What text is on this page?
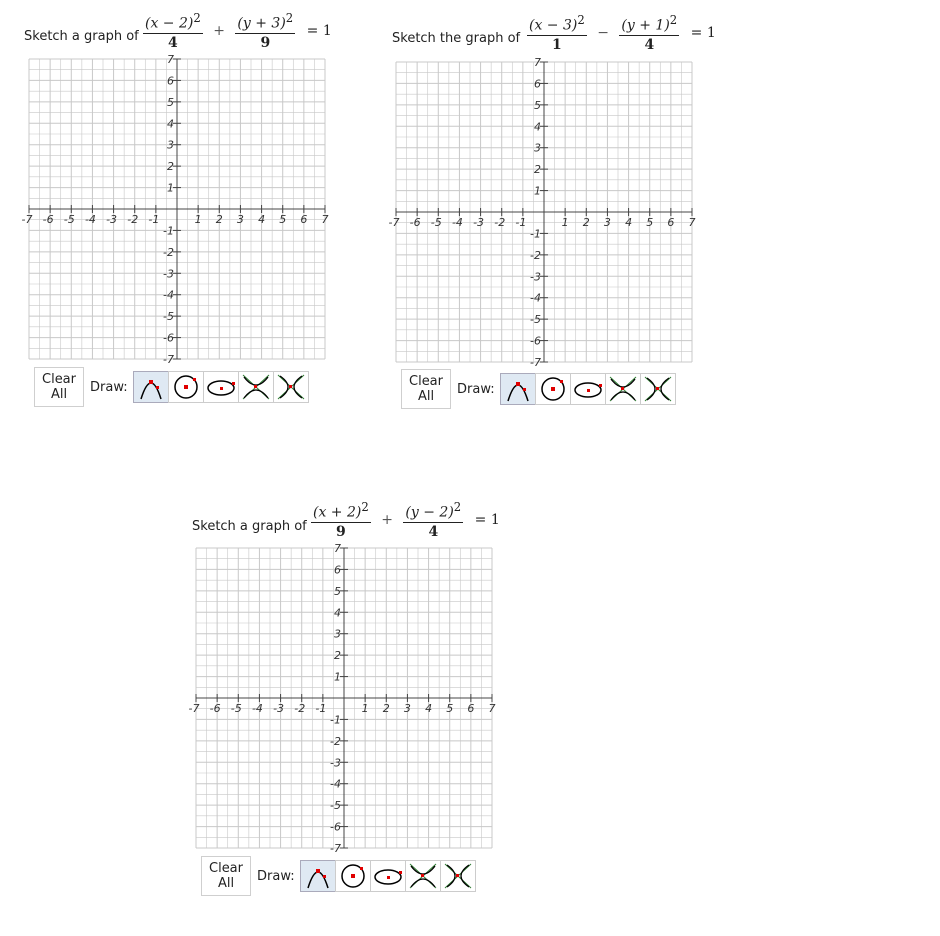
Sketch a graph of $\frac{(x - 2)^2}{4} + \frac{(y + 3)^2}{9} = 1$
-7 -6 -5 -4 -3 -2 -1	1 2 3 4 5 6 7
7
6
5
4
3
2
1
-1
-2
-3
-4
-5
-6
-7
Clear All	Draw:
Sketch the graph of $\frac{(x - 3)^2}{1} - \frac{(y + 1)^2}{4} = 1$
-7 -6 -5 -4 -3 -2 -1	1 2 3 4 5 6 7
7
6
5
4
3
2
1
-1
-2
-3
-4
-5
-6
-7
Clear All	Draw:
Sketch a graph of $\frac{(x + 2)^2}{9} + \frac{(y - 2)^2}{4} = 1$
-7 -6 -5 -4 -3 -2 -1	1 2 3 4 5 6 7
7
6
5
4
3
2
1
-1
-2
-3
-4
-5
-6
-7
Clear All	Draw:
